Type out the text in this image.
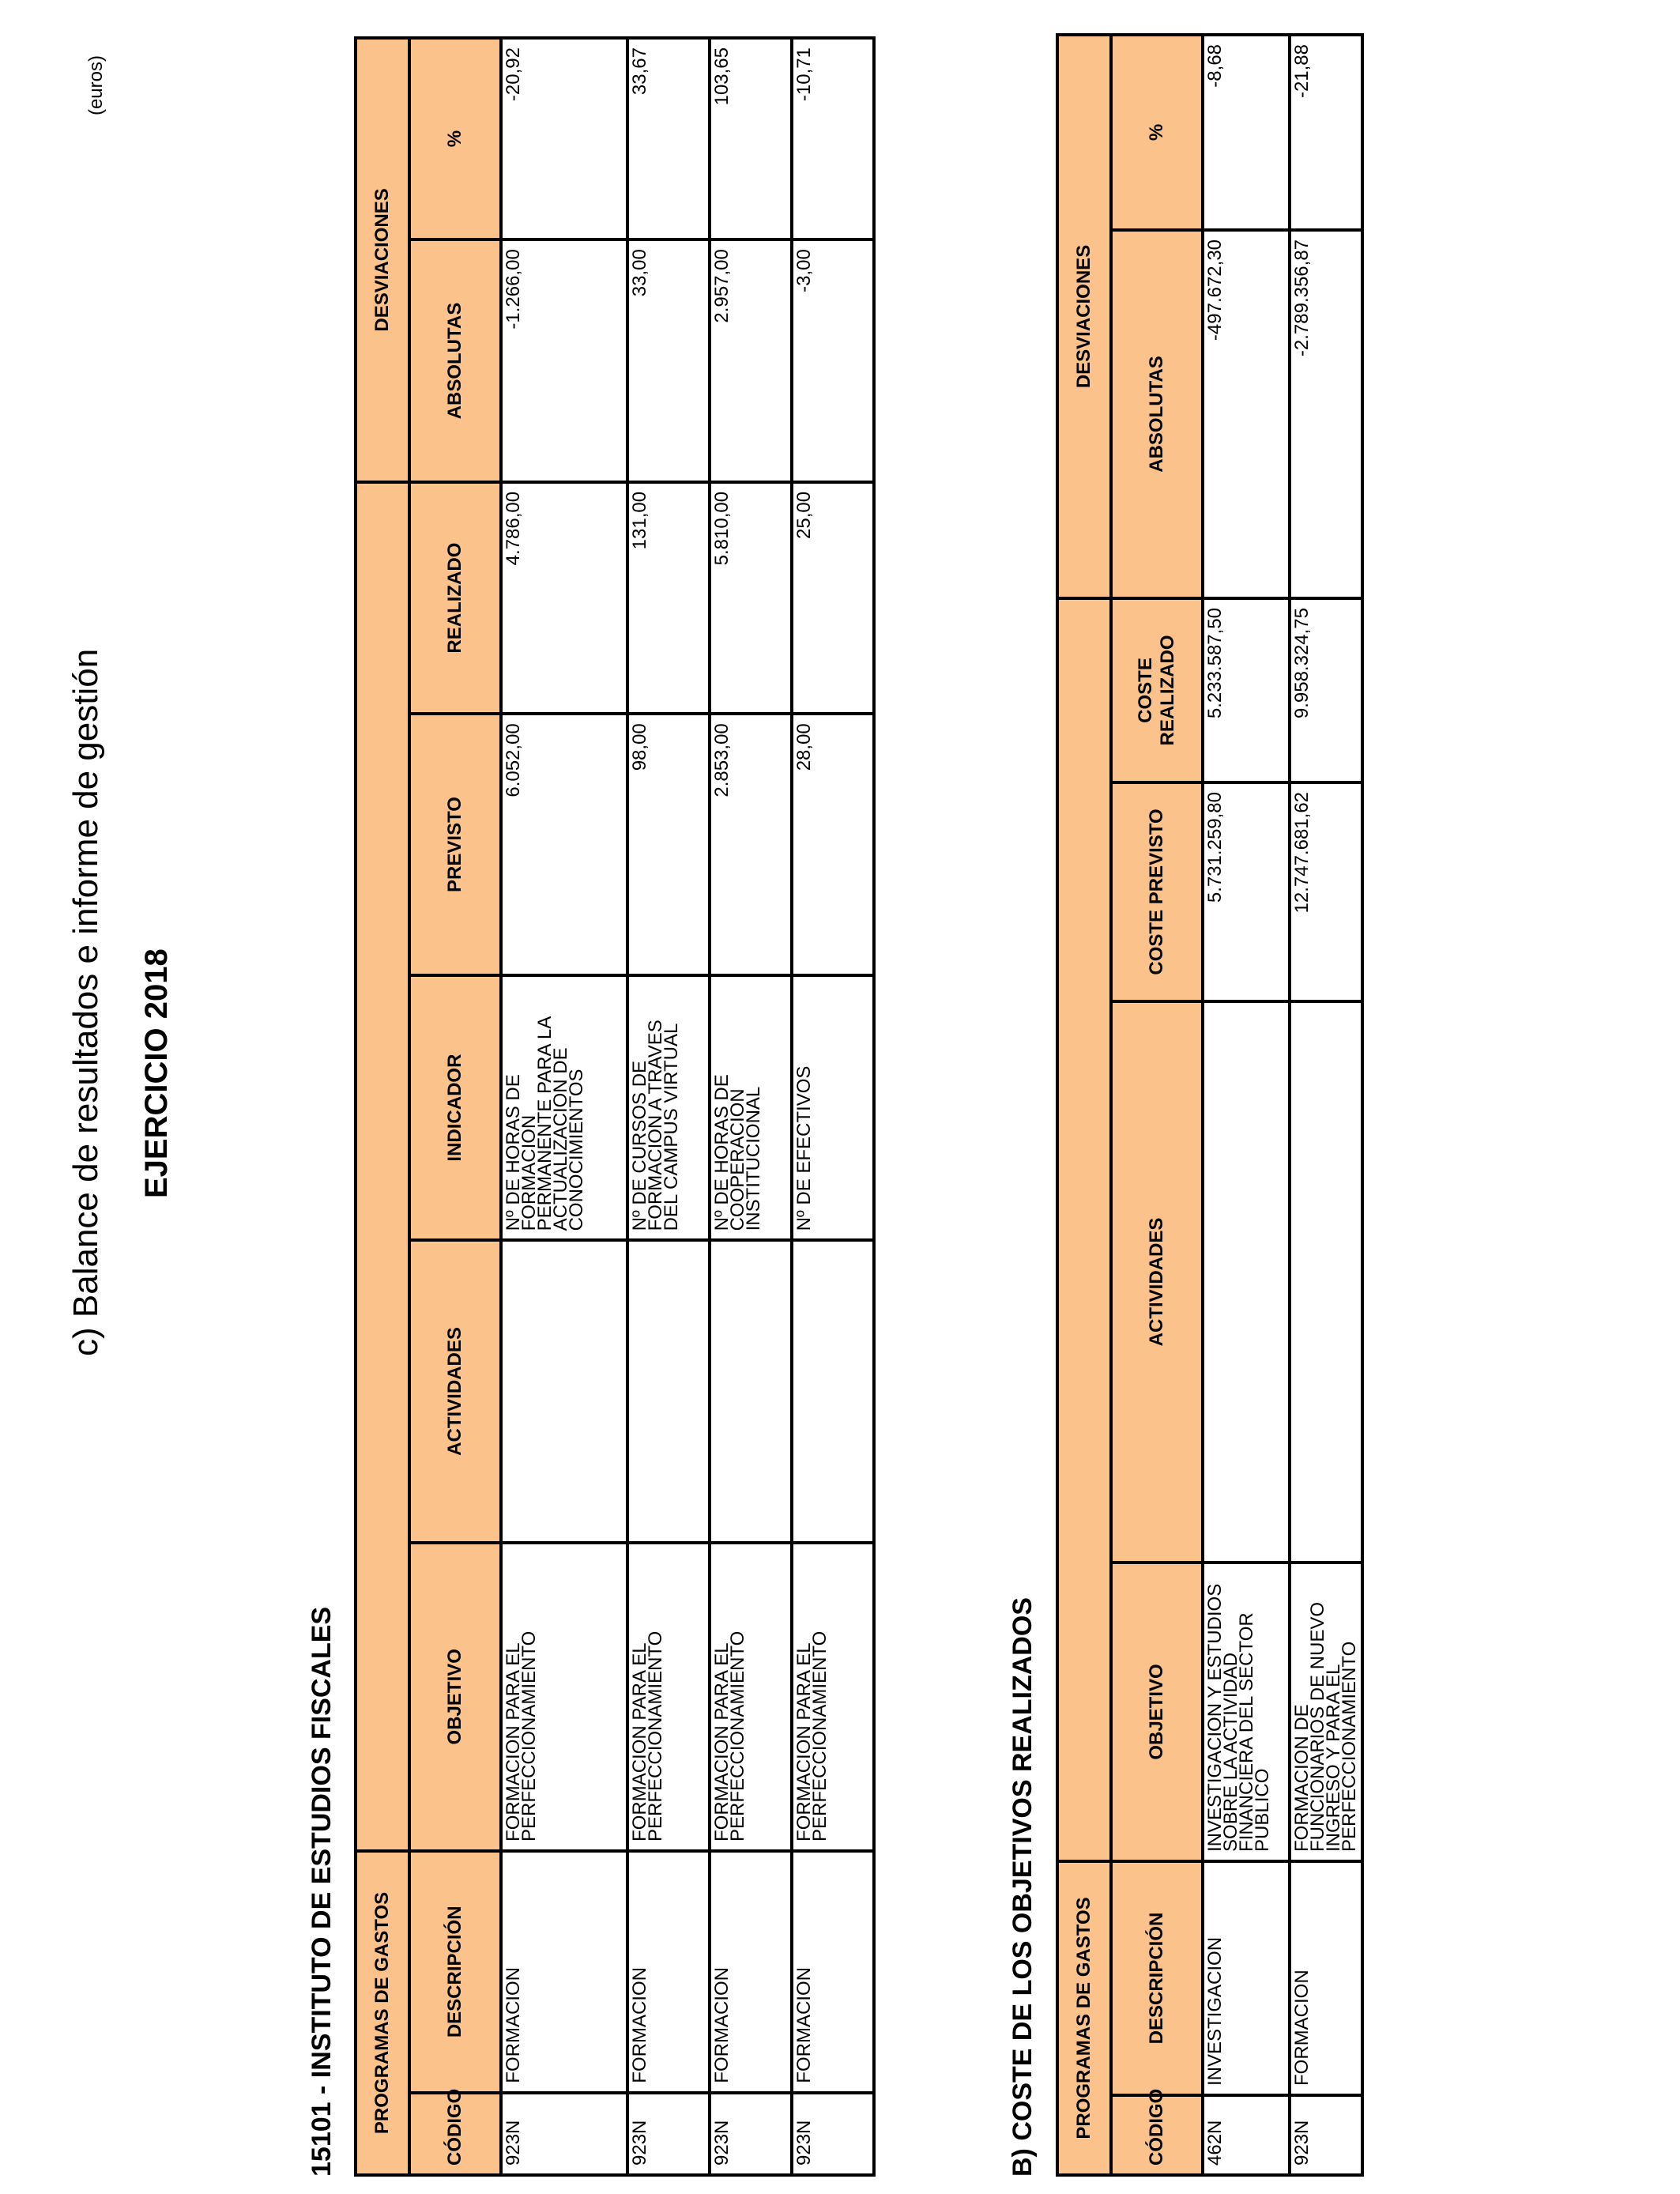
c) Balance de resultados e informe de gestión EJERCICIO 2018
(euros)
15101 - INSTITUTO DE ESTUDIOS FISCALES PROGRAMAS DE GASTOS							DESVIACIONES	
CÓDIGO	DESCRIPCIÓN	OBJETIVO	ACTIVIDADES	INDICADOR	PREVISTO	REALIZADO	ABSOLUTAS	%
923N	FORMACION	FORMACION PARA EL PERFECCIONAMIENTO		Nº DE HORAS DE FORMACION PERMANENTE PARA LA ACTUALIZACION DE CONOCIMIENTOS	6.052,00	4.786,00	-1.266,00	-20,92
923N	FORMACION	FORMACION PARA EL PERFECCIONAMIENTO		Nº DE CURSOS DE FORMACION A TRAVES DEL CAMPUS VIRTUAL	98,00	131,00	33,00	33,67
923N	FORMACION	FORMACION PARA EL PERFECCIONAMIENTO		Nº DE HORAS DE COOPERACION INSTITUCIONAL	2.853,00	5.810,00	2.957,00	103,65
923N	FORMACION	FORMACION PARA EL PERFECCIONAMIENTO		Nº DE EFECTIVOS	28,00	25,00	-3,00	-10,71
B) COSTE DE LOS OBJETIVOS REALIZADOS PROGRAMAS DE GASTOS						DESVIACIONES	
CÓDIGO	DESCRIPCIÓN	OBJETIVO	ACTIVIDADES	COSTE PREVISTO	COSTE REALIZADO	ABSOLUTAS	%
462N	INVESTIGACION	INVESTIGACION Y ESTUDIOS SOBRE LA ACTIVIDAD FINANCIERA DEL SECTOR PUBLICO		5.731.259,80	5.233.587,50	-497.672,30	-8,68
923N	FORMACION	FORMACION DE FUNCIONARIOS DE NUEVO INGRESO Y PARA EL PERFECCIONAMIENTO		12.747.681,62	9.958.324,75	-2.789.356,87	-21,88
